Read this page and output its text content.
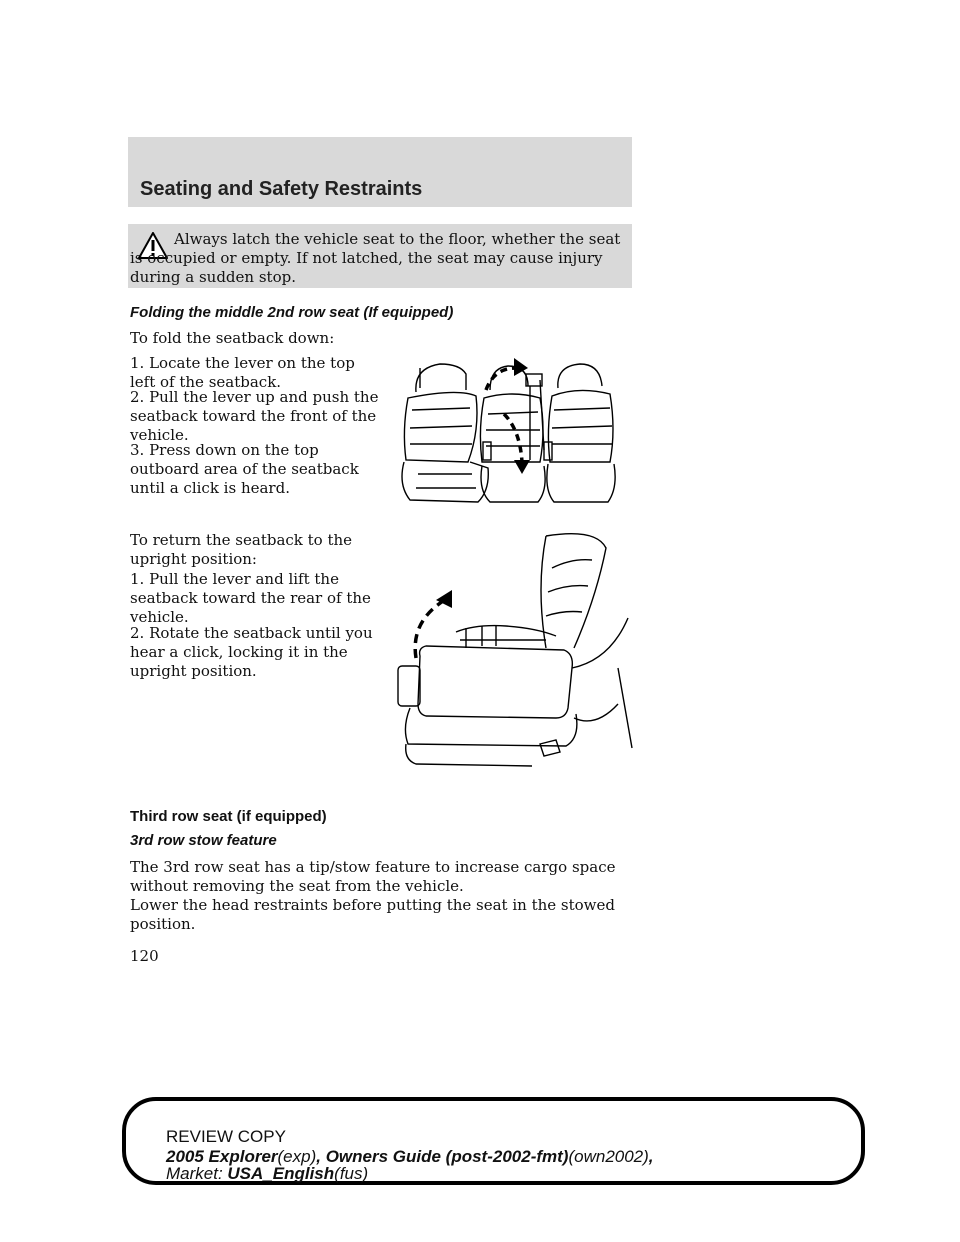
Seating and Safety Restraints
Always latch the vehicle seat to the floor, whether the seat is occupied or empty. If not latched, the seat may cause injury during a sudden stop.
Folding the middle 2nd row seat (If equipped)
To fold the seatback down:
1. Locate the lever on the top left of the seatback.
2. Pull the lever up and push the seatback toward the front of the vehicle.
3. Press down on the top outboard area of the seatback until a click is heard.
To return the seatback to the upright position:
1. Pull the lever and lift the seatback toward the rear of the vehicle.
2. Rotate the seatback until you hear a click, locking it in the upright position.
Third row seat (if equipped)
3rd row stow feature
The 3rd row seat has a tip/stow feature to increase cargo space without removing the seat from the vehicle.
Lower the head restraints before putting the seat in the stowed position.
120
REVIEW COPY
2005 Explorer(exp), Owners Guide (post-2002-fmt)(own2002),
Market: USA_English(fus)
